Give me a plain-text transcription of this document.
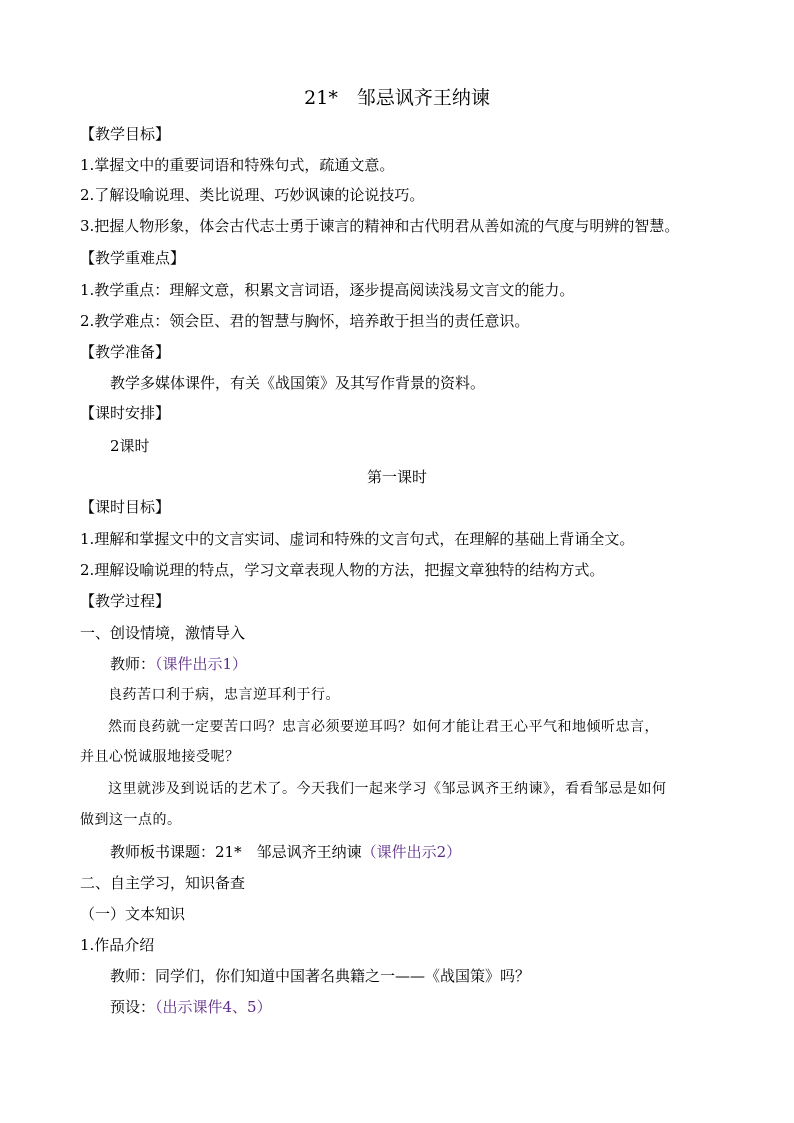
21*　邹忌讽齐王纳谏
【教学目标】
1.掌握文中的重要词语和特殊句式，疏通文意。
2.了解设喻说理、类比说理、巧妙讽谏的论说技巧。
3.把握人物形象，体会古代志士勇于谏言的精神和古代明君从善如流的气度与明辨的智慧。
【教学重难点】
1.教学重点：理解文意，积累文言词语，逐步提高阅读浅易文言文的能力。
2.教学难点：领会臣、君的智慧与胸怀，培养敢于担当的责任意识。
【教学准备】
教学多媒体课件，有关《战国策》及其写作背景的资料。
【课时安排】
2课时
第一课时
【课时目标】
1.理解和掌握文中的文言实词、虚词和特殊的文言句式，在理解的基础上背诵全文。
2.理解设喻说理的特点，学习文章表现人物的方法，把握文章独特的结构方式。
【教学过程】
一、创设情境，激情导入
教师：（课件出示1）
良药苦口利于病，忠言逆耳利于行。
然而良药就一定要苦口吗？忠言必须要逆耳吗？如何才能让君王心平气和地倾听忠言，
并且心悦诚服地接受呢？
这里就涉及到说话的艺术了。今天我们一起来学习《邹忌讽齐王纳谏》，看看邹忌是如何
做到这一点的。
教师板书课题：21*　邹忌讽齐王纳谏（课件出示2）
二、自主学习，知识备查
（一）文本知识
1.作品介绍
教师：同学们，你们知道中国著名典籍之一——《战国策》吗？
预设：（出示课件4、5）
